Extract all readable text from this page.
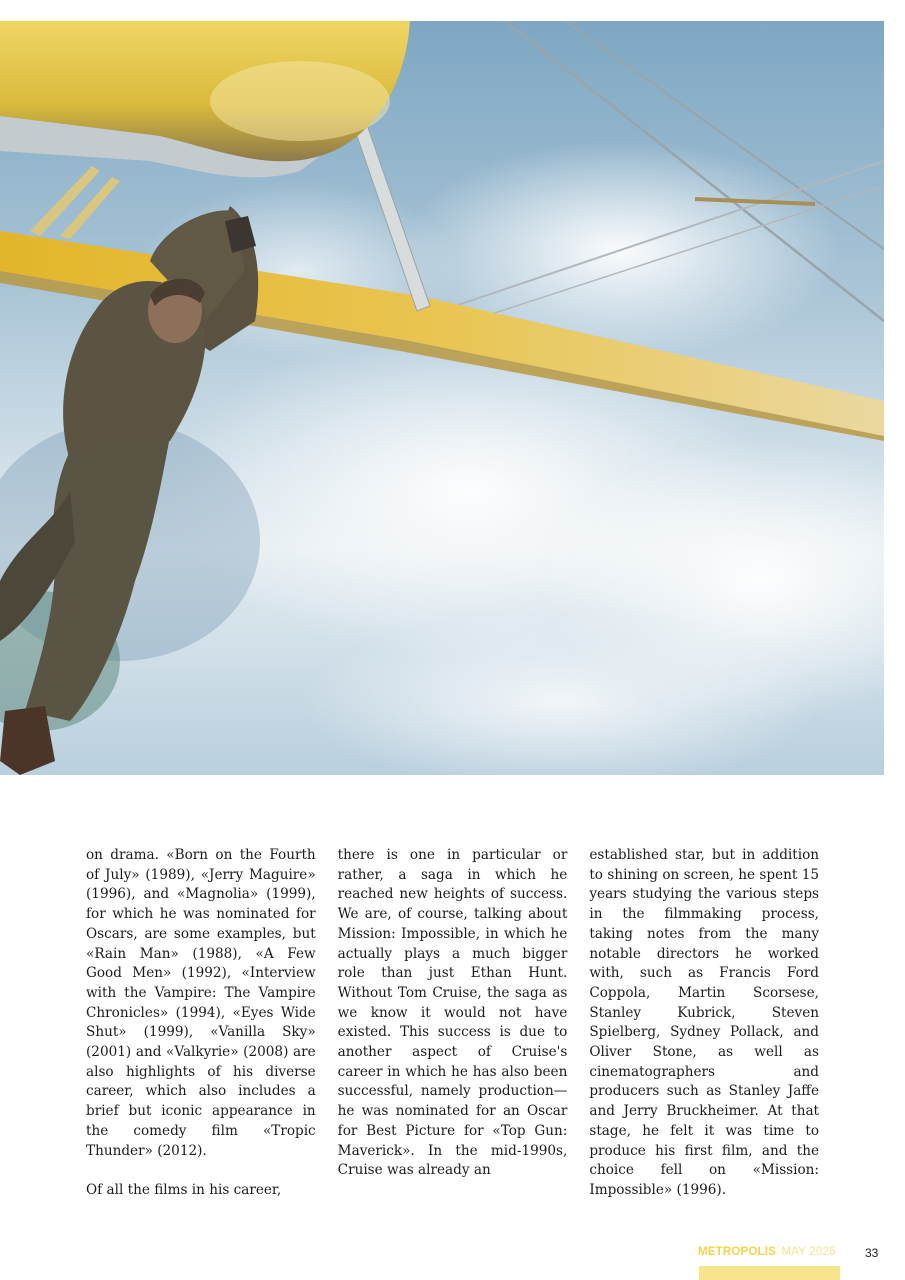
on drama. «Born on the Fourth of July» (1989), «Jerry Maguire» (1996), and «Magnolia» (1999), for which he was nominated for Oscars, are some examples, but «Rain Man» (1988), «A Few Good Men» (1992), «Interview with the Vampire: The Vampire Chronicles» (1994), «Eyes Wide Shut» (1999), «Vanilla Sky» (2001) and «Valkyrie» (2008) are also highlights of his diverse career, which also includes a brief but iconic appearance in the comedy film «Tropic Thunder» (2012).

Of all the films in his career,

there is one in particular or rather, a saga in which he reached new heights of success. We are, of course, talking about Mission: Impossible, in which he actually plays a much bigger role than just Ethan Hunt. Without Tom Cruise, the saga as we know it would not have existed. This success is due to another aspect of Cruise's career in which he has also been successful, namely production—he was nominated for an Oscar for Best Picture for «Top Gun: Maverick». In the mid-1990s, Cruise was already an

established star, but in addition to shining on screen, he spent 15 years studying the various steps in the filmmaking process, taking notes from the many notable directors he worked with, such as Francis Ford Coppola, Martin Scorsese, Stanley Kubrick, Steven Spielberg, Sydney Pollack, and Oliver Stone, as well as cinematographers and producers such as Stanley Jaffe and Jerry Bruckheimer. At that stage, he felt it was time to produce his first film, and the choice fell on «Mission: Impossible» (1996).

METROPOLIS MAY 2025 33
